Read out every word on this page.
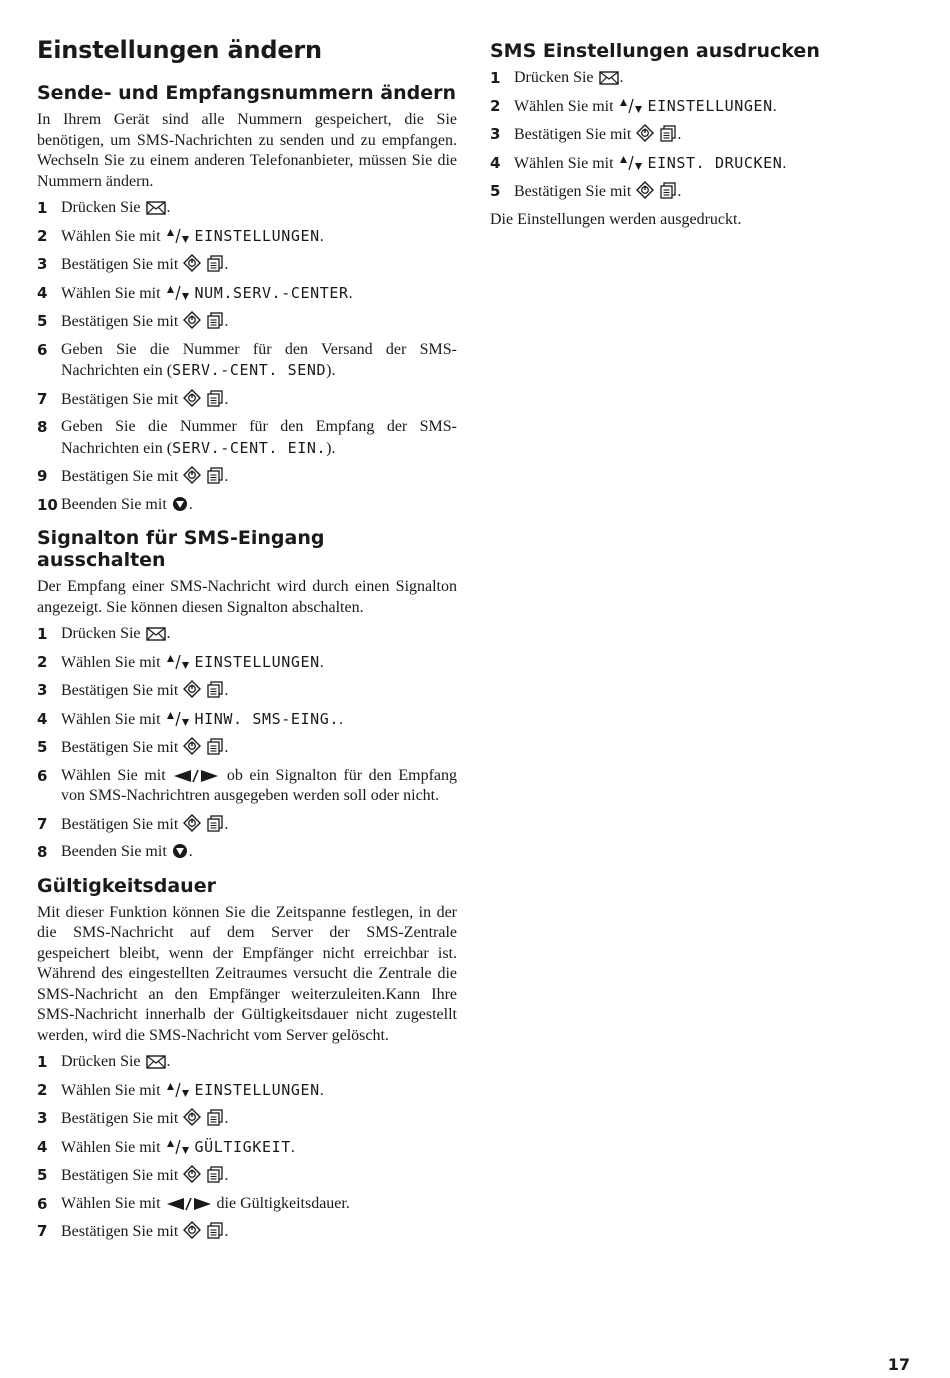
Einstellungen ändern
Sende- und Empfangsnummern ändern

In Ihrem Gerät sind alle Nummern gespeichert, die Sie benötigen, um SMS-Nachrichten zu senden und zu empfangen. Wechseln Sie zu einem anderen Telefonanbieter, müssen Sie die Nummern ändern.

1 Drücken Sie .
2 Wählen Sie mit EINSTELLUNGEN.
3 Bestätigen Sie mit	.
4 Wählen Sie mit NUM.SERV.-CENTER.
5 Bestätigen Sie mit	.
6 Geben Sie die Nummer für den Versand der SMS-Nachrichten ein (SERV.-CENT. SEND).
7 Bestätigen Sie mit	.
8 Geben Sie die Nummer für den Empfang der SMS-Nachrichten ein (SERV.-CENT. EIN.).
9 Bestätigen Sie mit	.
10 Beenden Sie mit .
Signalton für SMS-Eingang ausschalten

Der Empfang einer SMS-Nachricht wird durch einen Signalton angezeigt. Sie können diesen Signalton abschalten.

1 Drücken Sie .
2 Wählen Sie mit EINSTELLUNGEN.
3 Bestätigen Sie mit	.
4 Wählen Sie mit HINW. SMS-EING..
5 Bestätigen Sie mit	.
6 Wählen Sie mit	ob ein Signalton für den Empfang von SMS-Nachrichtren ausgegeben werden soll oder nicht.
7 Bestätigen Sie mit	.
8 Beenden Sie mit .
Gültigkeitsdauer

Mit dieser Funktion können Sie die Zeitspanne festlegen, in der die SMS-Nachricht auf dem Server der SMS-Zentrale gespeichert bleibt, wenn der Empfänger nicht erreichbar ist. Während des eingestellten Zeitraumes versucht die Zentrale die SMS-Nachricht an den Empfänger weiterzuleiten.Kann Ihre SMS-Nachricht innerhalb der Gültigkeitsdauer nicht zugestellt werden, wird die SMS-Nachricht vom Server gelöscht.

1 Drücken Sie .
2 Wählen Sie mit EINSTELLUNGEN.
3 Bestätigen Sie mit	.
4 Wählen Sie mit GÜLTIGKEIT.
5 Bestätigen Sie mit	.
6 Wählen Sie mit	die Gültigkeitsdauer.
7 Bestätigen Sie mit	.
SMS Einstellungen ausdrucken
1 Drücken Sie .
2 Wählen Sie mit EINSTELLUNGEN.
3 Bestätigen Sie mit	.
4 Wählen Sie mit EINST. DRUCKEN.
5 Bestätigen Sie mit	.

Die Einstellungen werden ausgedruckt.

17
